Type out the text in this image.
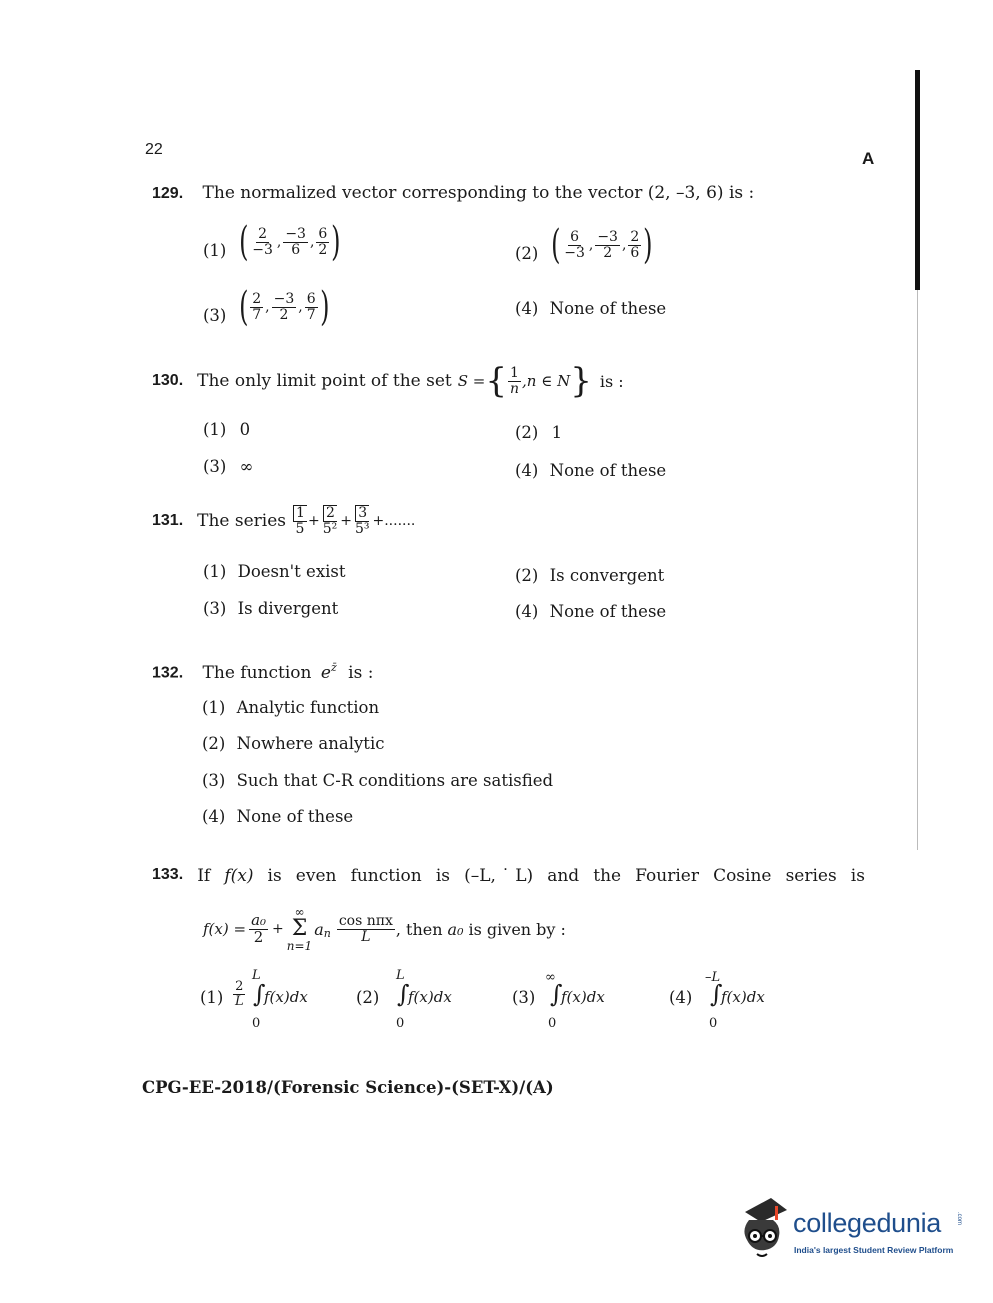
22	A
129. The normalized vector corresponding to the vector (2, –3, 6) is :
(1) ( $\frac{2}{-3}$ , $\frac{-3}{6}$ , $\frac{6}{2}$ )	(2) ( $\frac{6}{-3}$ , $\frac{-3}{2}$ , $\frac{2}{6}$ )
(3) ( $\frac{2}{7}$ , $\frac{-3}{2}$ , $\frac{6}{7}$ )	(4) None of these
130. The only limit point of the set S = { $\frac{1}{n} ,n$ ∈ N } is :
(1) 0	(2) 1
(3) ∞	(4) None of these
131. The series $\frac{1}{5} + \frac{2}{\text{5²}} + \frac{3}{\text{5³}}$ +.......
(1) Doesn't exist	(2) Is convergent
(3) Is divergent	(4) None of these
132. The function $e^{z̄}$ is :
(1) Analytic function
(2) Nowhere analytic
(3) Such that C-R conditions are satisfied
(4) None of these
133. If f(x) is even function is (–L, ˙ L) and the Fourier Cosine series is
$f(x) = \frac{\text{a₀}}{2}$ +
∞
Σ
n=1
$a_n \frac{\text{cos nπx}}{L}$ , then a₀ is given by :
$(1) \frac{2}{L}$
L
∫
f(x)dx
0
(2)
L
∫
f(x)dx
0
(3)
∞
∫
f(x)dx
0
(4)
–L
∫
f(x)dx
0
CPG-EE-2018/(Forensic Science)-(SET-X)/(A)
collegedunia .com
India's largest Student Review Platform
